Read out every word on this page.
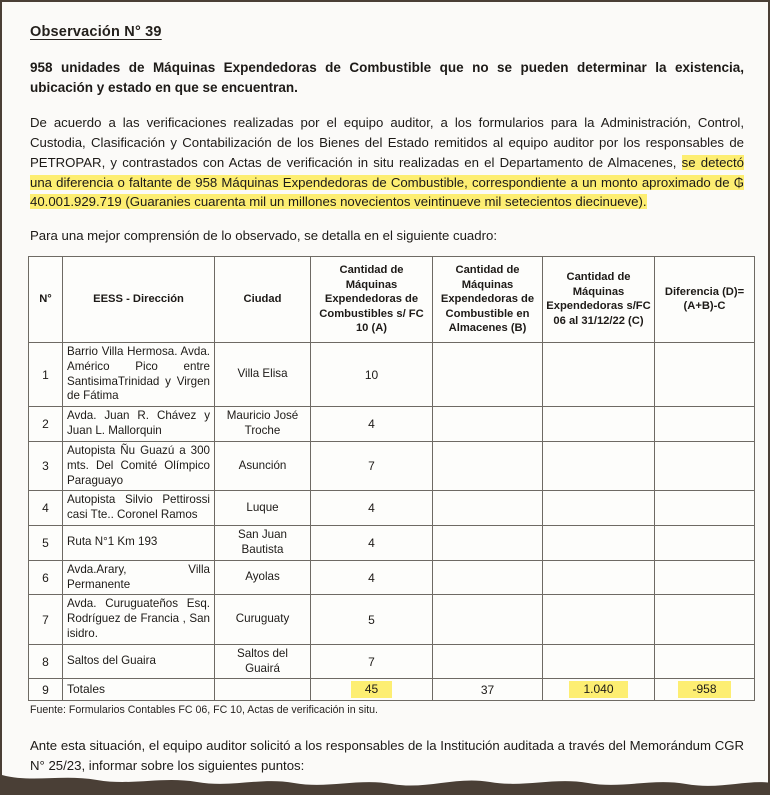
Observación N° 39
958 unidades de Máquinas Expendedoras de Combustible que no se pueden determinar la existencia, ubicación y estado en que se encuentran.
De acuerdo a las verificaciones realizadas por el equipo auditor, a los formularios para la Administración, Control, Custodia, Clasificación y Contabilización de los Bienes del Estado remitidos al equipo auditor por los responsables de PETROPAR, y contrastados con Actas de verificación in situ realizadas en el Departamento de Almacenes, se detectó una diferencia o faltante de 958 Máquinas Expendedoras de Combustible, correspondiente a un monto aproximado de ₲ 40.001.929.719 (Guaranies cuarenta mil un millones novecientos veintinueve mil setecientos diecinueve).
Para una mejor comprensión de lo observado, se detalla en el siguiente cuadro:
N°	EESS - Dirección	Ciudad	Cantidad de Máquinas Expendedoras de Combustibles s/ FC 10 (A)	Cantidad de Máquinas Expendedoras de Combustible en Almacenes (B)	Cantidad de Máquinas Expendedoras s/FC 06 al 31/12/22 (C)	Diferencia (D)=(A+B)-C
1	Barrio Villa Hermosa. Avda. Américo Pico entre SantisimaTrinidad y Virgen de Fátima	Villa Elisa	10			
2	Avda. Juan R. Chávez y Juan L. Mallorquin	Mauricio José Troche	4			
3	Autopista Ñu Guazú a 300 mts. Del Comité Olímpico Paraguayo	Asunción	7			
4	Autopista Silvio Pettirossi casi Tte.. Coronel Ramos	Luque	4			
5	Ruta N°1 Km 193	San Juan Bautista	4			
6	Avda.Arary, Villa Permanente	Ayolas	4			
7	Avda. Curuguateños Esq. Rodríguez de Francia , San isidro.	Curuguaty	5			
8	Saltos del Guaira	Saltos del Guairá	7			
9	Totales		45	37	1.040	-958
Fuente: Formularios Contables FC 06, FC 10, Actas de verificación in situ.
Ante esta situación, el equipo auditor solicitó a los responsables de la Institución auditada a través del Memorándum CGR N° 25/23, informar sobre los siguientes puntos:
